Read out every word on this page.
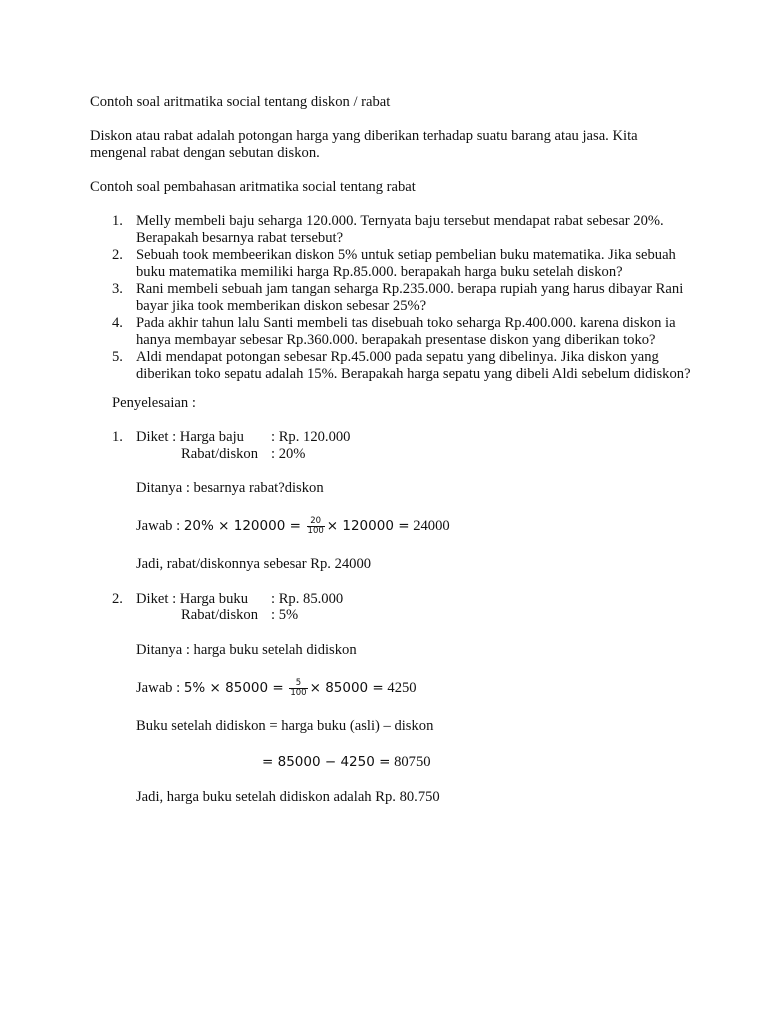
Contoh soal aritmatika social tentang diskon / rabat
Diskon atau rabat adalah potongan harga yang diberikan terhadap suatu barang atau jasa. Kita mengenal rabat dengan sebutan diskon.
Contoh soal pembahasan aritmatika social tentang rabat
1. Melly membeli baju seharga 120.000. Ternyata baju tersebut mendapat rabat sebesar 20%. Berapakah besarnya rabat tersebut?
2. Sebuah took membeerikan diskon 5% untuk setiap pembelian buku matematika. Jika sebuah buku matematika memiliki harga Rp.85.000. berapakah harga buku setelah diskon?
3. Rani membeli sebuah jam tangan seharga Rp.235.000. berapa rupiah yang harus dibayar Rani bayar jika took memberikan diskon sebesar 25%?
4. Pada akhir tahun lalu Santi membeli tas disebuah toko seharga Rp.400.000. karena diskon ia hanya membayar sebesar Rp.360.000. berapakah presentase diskon yang diberikan toko?
5. Aldi mendapat potongan sebesar Rp.45.000 pada sepatu yang dibelinya. Jika diskon yang diberikan toko sepatu adalah 15%. Berapakah harga sepatu yang dibeli Aldi sebelum didiskon?
Penyelesaian :
1. Diket : Harga baju : Rp. 120.000
Rabat/diskon : 20%
Ditanya : besarnya rabat?diskon
Jawab : $20\% \times 120000 = \frac{20}{100} \times 120000 = 24000$
Jadi, rabat/diskonnya sebesar Rp. 24000
2. Diket : Harga buku : Rp. 85.000
Rabat/diskon : 5%
Ditanya : harga buku setelah didiskon
Jawab : $5\% \times 85000 = \frac{5}{100} \times 85000 = 4250$
Buku setelah didiskon = harga buku (asli) – diskon
= 85000 − 4250 = 80750
Jadi, harga buku setelah didiskon adalah Rp. 80.750
